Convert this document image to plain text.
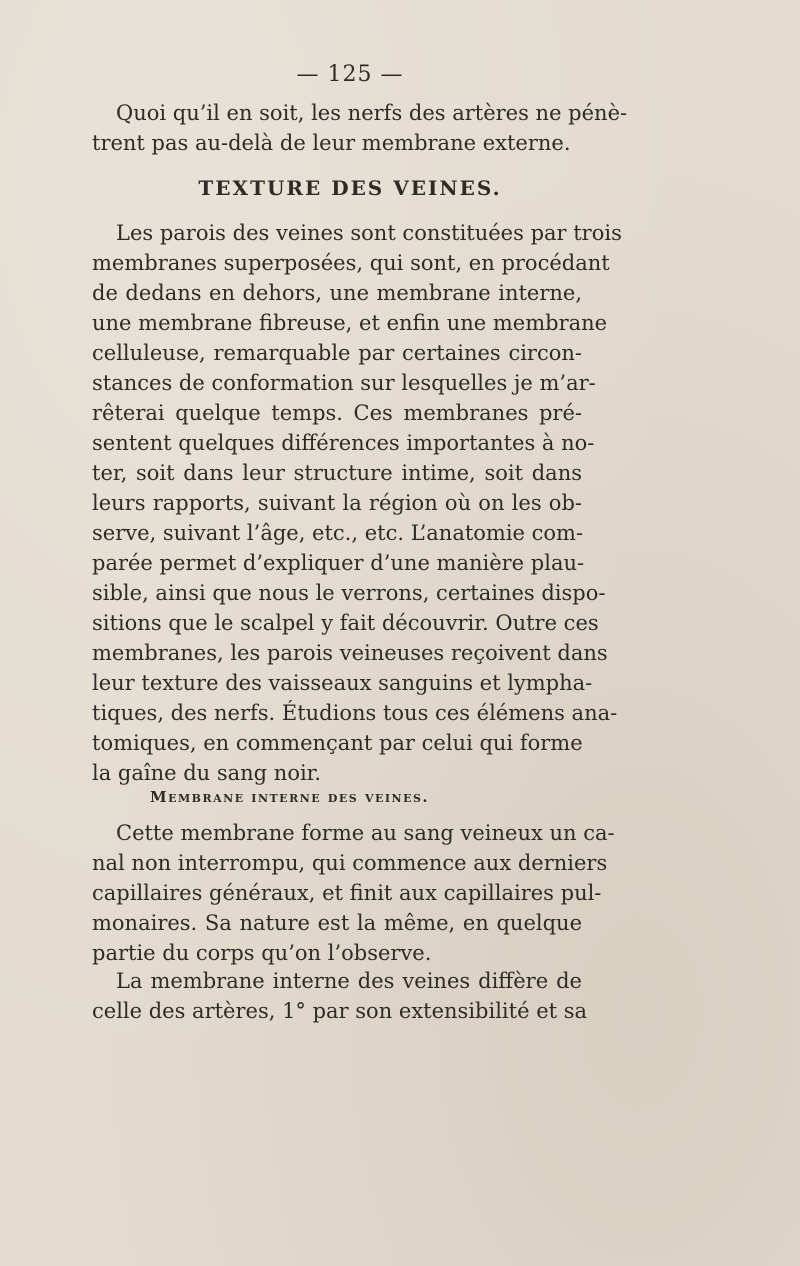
— 125 —
Quoi qu’il en soit, les nerfs des artères ne pénè-
trent pas au-delà de leur membrane externe.
TEXTURE DES VEINES.
Les parois des veines sont constituées par trois
membranes superposées, qui sont, en procédant
de dedans en dehors, une membrane interne,
une membrane fibreuse, et enfin une membrane
celluleuse, remarquable par certaines circon-
stances de conformation sur lesquelles je m’ar-
rêterai quelque temps. Ces membranes pré-
sentent quelques différences importantes à no-
ter, soit dans leur structure intime, soit dans
leurs rapports, suivant la région où on les ob-
serve, suivant l’âge, etc., etc. L’anatomie com-
parée permet d’expliquer d’une manière plau-
sible, ainsi que nous le verrons, certaines dispo-
sitions que le scalpel y fait découvrir. Outre ces
membranes, les parois veineuses reçoivent dans
leur texture des vaisseaux sanguins et lympha-
tiques, des nerfs. Étudions tous ces élémens ana-
tomiques, en commençant par celui qui forme
la gaîne du sang noir.
Membrane interne des veines.
Cette membrane forme au sang veineux un ca-
nal non interrompu, qui commence aux derniers
capillaires généraux, et finit aux capillaires pul-
monaires. Sa nature est la même, en quelque
partie du corps qu’on l’observe.
La membrane interne des veines diffère de
celle des artères, 1° par son extensibilité et sa
